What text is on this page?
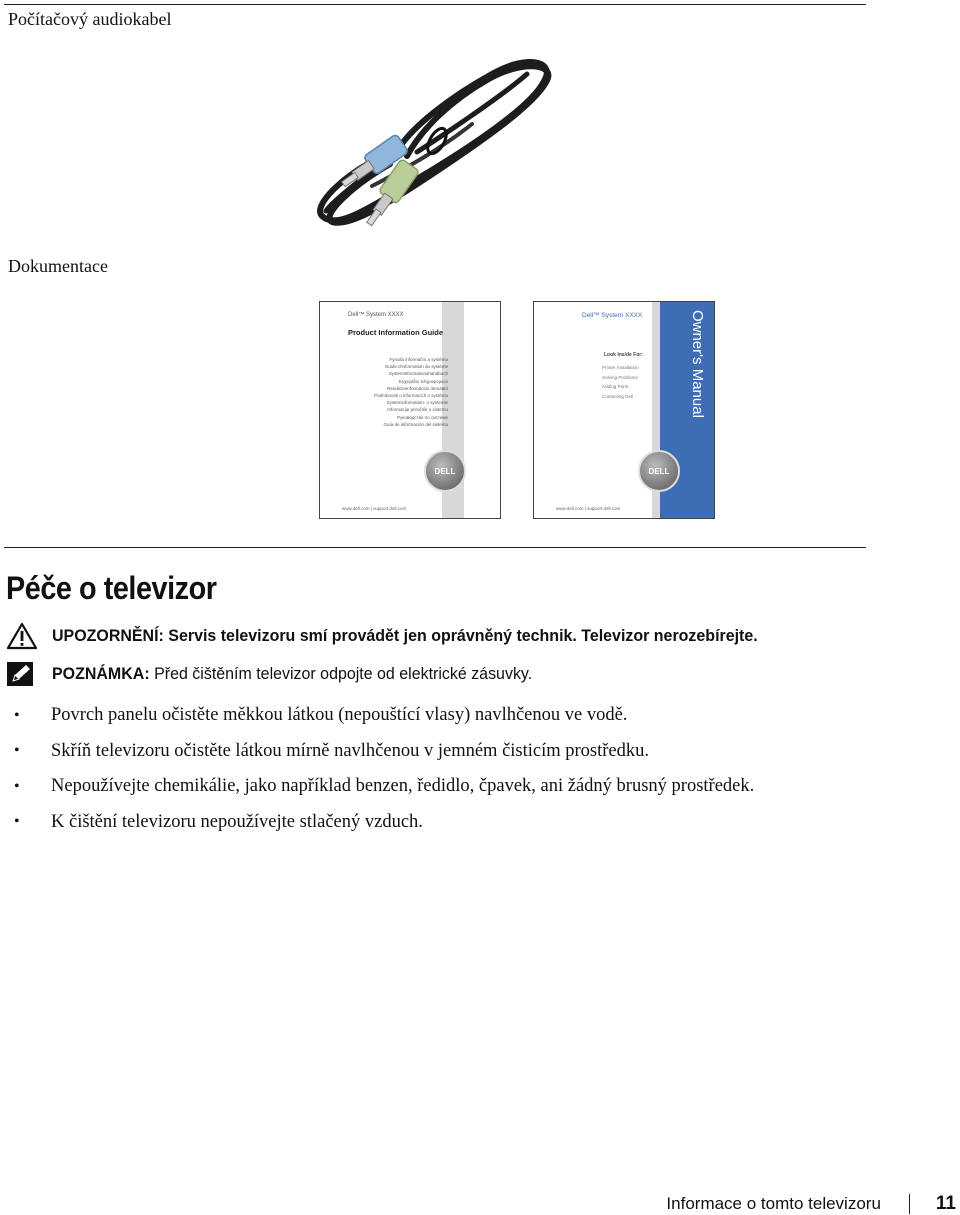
Počítačový audiokabel
Dokumentace
Dell™ System XXXX
Product Information Guide
Fynulla informační a systému
Guide d'information du système
Systeminformationshandbuch
Εγχειρίδιο πληροφοριών
Rendszerinformációs útmutató
Podrobnosti o informacích o systému
Systeminformation- o systemie
Informacije priročnik o sistemu
Руководство по системе
Guía de información del sistema
DELL
www.dell.com | support.dell.com
Owner's Manual
Dell™ System XXXX
Look Inside For:
Printer Installation
Solving Problems
Adding Parts
Contacting Dell
DELL
www.dell.com | support.dell.com
Péče o televizor
UPOZORNĚNÍ: Servis televizoru smí provádět jen oprávněný technik. Televizor nerozebírejte.
POZNÁMKA: Před čištěním televizor odpojte od elektrické zásuvky.
•	Povrch panelu očistěte měkkou látkou (nepouštící vlasy) navlhčenou ve vodě.
•	Skříň televizoru očistěte látkou mírně navlhčenou v jemném čisticím prostředku.
•	Nepoužívejte chemikálie, jako například benzen, ředidlo, čpavek, ani žádný brusný prostředek.
•	K čištění televizoru nepoužívejte stlačený vzduch.
Informace o tomto televizoru	11
